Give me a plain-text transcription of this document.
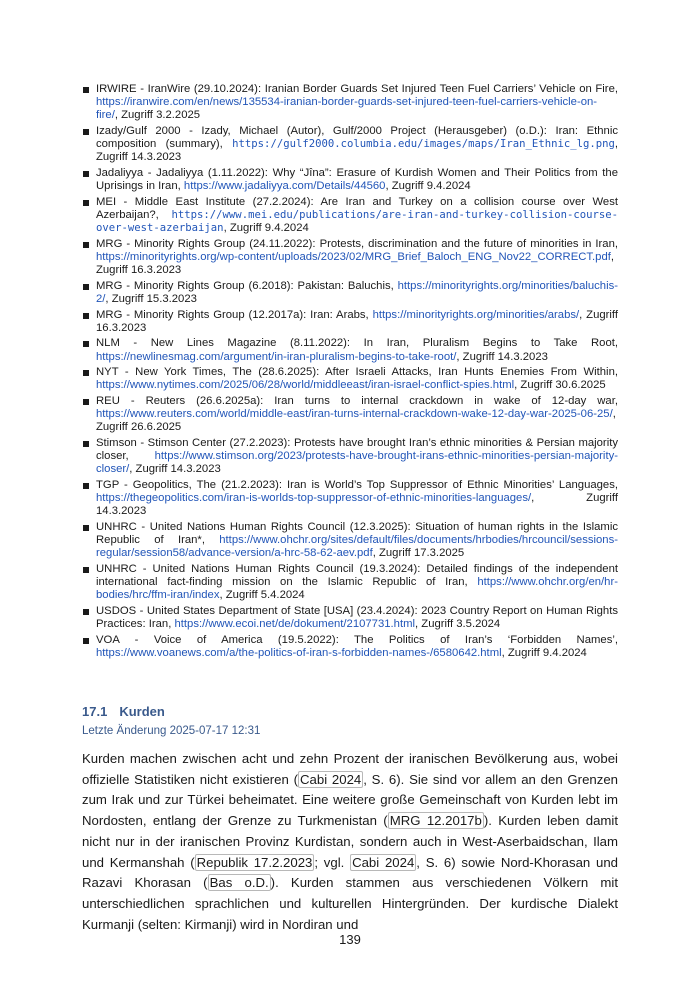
IRWIRE - IranWire (29.10.2024): Iranian Border Guards Set Injured Teen Fuel Carriers’ Vehicle on Fire, https://iranwire.com/en/news/135534-iranian-border-guards-set-injured-teen-fuel-carriers-vehicle-on-fire/, Zugriff 3.2.2025
Izady/Gulf 2000 - Izady, Michael (Autor), Gulf/2000 Project (Herausgeber) (o.D.): Iran: Ethnic composition (summary), https://gulf2000.columbia.edu/images/maps/Iran_Ethnic_lg.png, Zugriff 14.3.2023
Jadaliyya - Jadaliyya (1.11.2022): Why “Jîna”: Erasure of Kurdish Women and Their Politics from the Uprisings in Iran, https://www.jadaliyya.com/Details/44560, Zugriff 9.4.2024
MEI - Middle East Institute (27.2.2024): Are Iran and Turkey on a collision course over West Azerbaijan?, https://www.mei.edu/publications/are-iran-and-turkey-collision-course-over-west-azerbaijan, Zugriff 9.4.2024
MRG - Minority Rights Group (24.11.2022): Protests, discrimination and the future of minorities in Iran, https://minorityrights.org/wp-content/uploads/2023/02/MRG_Brief_Baloch_ENG_Nov22_CORRECT.pdf, Zugriff 16.3.2023
MRG - Minority Rights Group (6.2018): Pakistan: Baluchis, https://minorityrights.org/minorities/baluchis-2/, Zugriff 15.3.2023
MRG - Minority Rights Group (12.2017a): Iran: Arabs, https://minorityrights.org/minorities/arabs/, Zugriff 16.3.2023
NLM - New Lines Magazine (8.11.2022): In Iran, Pluralism Begins to Take Root, https://newlinesmag.com/argument/in-iran-pluralism-begins-to-take-root/, Zugriff 14.3.2023
NYT - New York Times, The (28.6.2025): After Israeli Attacks, Iran Hunts Enemies From Within, https://www.nytimes.com/2025/06/28/world/middleeast/iran-israel-conflict-spies.html, Zugriff 30.6.2025
REU - Reuters (26.6.2025a): Iran turns to internal crackdown in wake of 12-day war, https://www.reuters.com/world/middle-east/iran-turns-internal-crackdown-wake-12-day-war-2025-06-25/, Zugriff 26.6.2025
Stimson - Stimson Center (27.2.2023): Protests have brought Iran’s ethnic minorities & Persian majority closer, https://www.stimson.org/2023/protests-have-brought-irans-ethnic-minorities-persian-majority-closer/, Zugriff 14.3.2023
TGP - Geopolitics, The (21.2.2023): Iran is World’s Top Suppressor of Ethnic Minorities’ Languages, https://thegeopolitics.com/iran-is-worlds-top-suppressor-of-ethnic-minorities-languages/, Zugriff 14.3.2023
UNHRC - United Nations Human Rights Council (12.3.2025): Situation of human rights in the Islamic Republic of Iran*, https://www.ohchr.org/sites/default/files/documents/hrbodies/hrcouncil/sessions-regular/session58/advance-version/a-hrc-58-62-aev.pdf, Zugriff 17.3.2025
UNHRC - United Nations Human Rights Council (19.3.2024): Detailed findings of the independent international fact-finding mission on the Islamic Republic of Iran, https://www.ohchr.org/en/hr-bodies/hrc/ffm-iran/index, Zugriff 5.4.2024
USDOS - United States Department of State [USA] (23.4.2024): 2023 Country Report on Human Rights Practices: Iran, https://www.ecoi.net/de/dokument/2107731.html, Zugriff 3.5.2024
VOA - Voice of America (19.5.2022): The Politics of Iran’s ‘Forbidden Names’, https://www.voanews.com/a/the-politics-of-iran-s-forbidden-names-/6580642.html, Zugriff 9.4.2024
17.1 Kurden
Letzte Änderung 2025-07-17 12:31

Kurden machen zwischen acht und zehn Prozent der iranischen Bevölkerung aus, wobei offizielle Statistiken nicht existieren ( Cabi 2024 , S. 6). Sie sind vor allem an den Grenzen zum Irak und zur Türkei beheimatet. Eine weitere große Gemeinschaft von Kurden lebt im Nordosten, entlang der Grenze zu Turkmenistan ( MRG 12.2017b ). Kurden leben damit nicht nur in der iranischen Provinz Kurdistan, sondern auch in West-Aserbaidschan, Ilam und Kermanshah ( Republik 17.2.2023 ; vgl. Cabi 2024 , S. 6) sowie Nord-Khorasan und Razavi Khorasan ( Bas o.D. ). Kurden stammen aus verschiedenen Völkern mit unterschiedlichen sprachlichen und kulturellen Hintergründen. Der kurdische Dialekt Kurmanji (selten: Kirmanji) wird in Nordiran und

139
